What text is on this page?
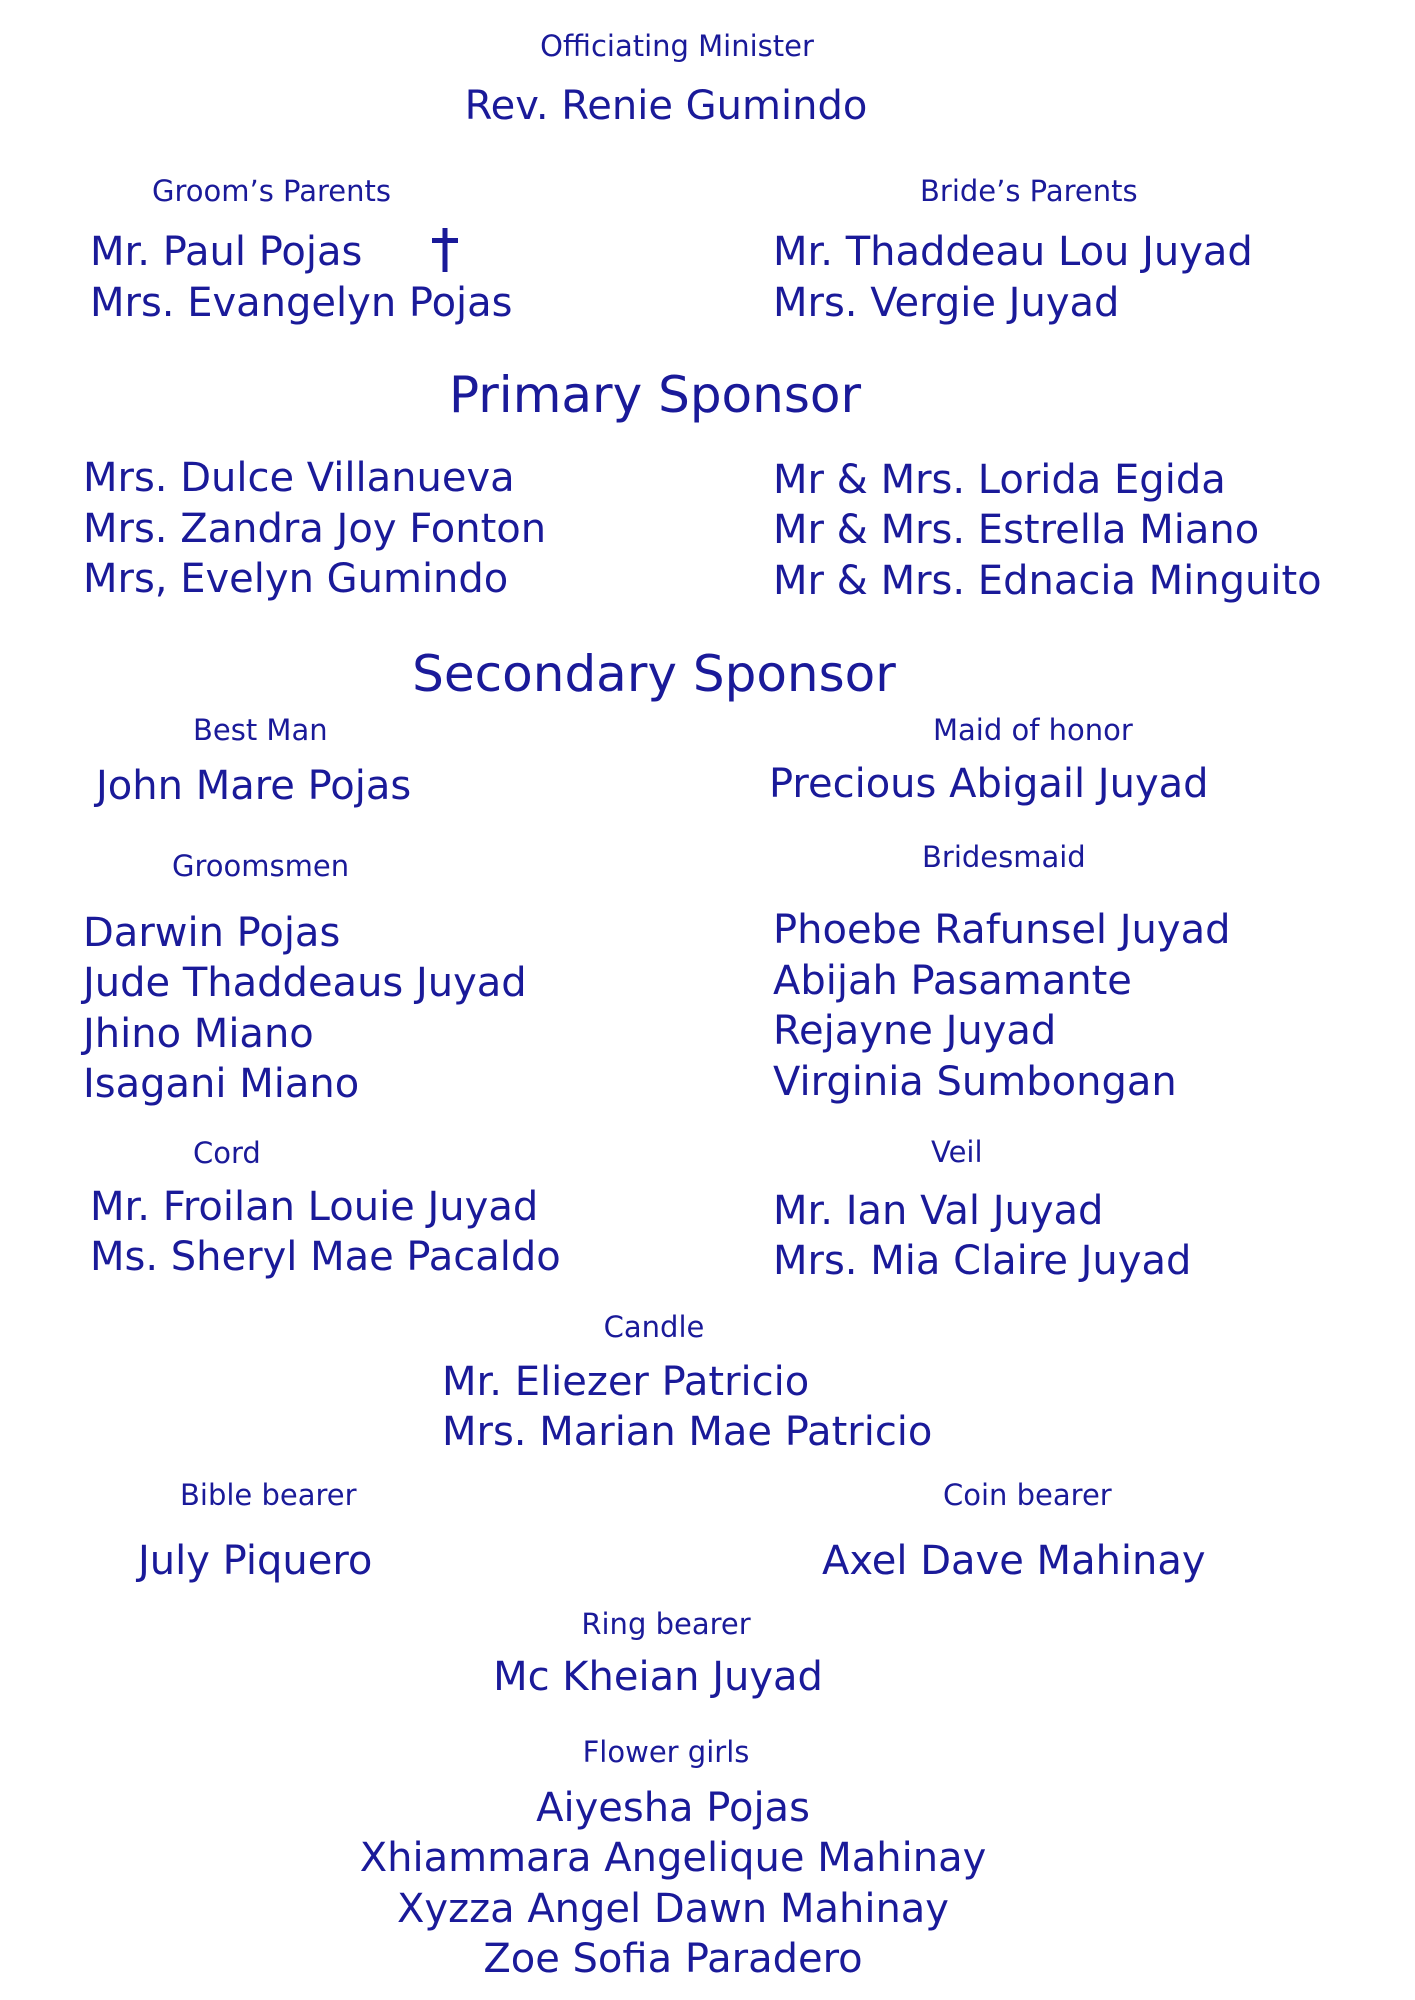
Officiating Minister
Rev. Renie Gumindo
Groom’s Parents
Mr. Paul Pojas
Mrs. Evangelyn Pojas
Bride’s Parents
Mr. Thaddeau Lou Juyad
Mrs. Vergie Juyad
Primary Sponsor
Mrs. Dulce Villanueva
Mrs. Zandra Joy Fonton
Mrs, Evelyn Gumindo
Mr & Mrs. Lorida Egida
Mr & Mrs. Estrella Miano
Mr & Mrs. Ednacia Minguito
Secondary Sponsor
Best Man
John Mare Pojas
Maid of honor
Precious Abigail Juyad
Groomsmen
Darwin Pojas
Jude Thaddeaus Juyad
Jhino Miano
Isagani Miano
Bridesmaid
Phoebe Rafunsel Juyad
Abijah Pasamante
Rejayne Juyad
Virginia Sumbongan
Cord
Mr. Froilan Louie Juyad
Ms. Sheryl Mae Pacaldo
Veil
Mr. Ian Val Juyad
Mrs. Mia Claire Juyad
Candle
Mr. Eliezer Patricio
Mrs. Marian Mae Patricio
Bible bearer
July Piquero
Coin bearer
Axel Dave Mahinay
Ring bearer
Mc Kheian Juyad
Flower girls
Aiyesha Pojas
Xhiammara Angelique Mahinay
Xyzza Angel Dawn Mahinay
Zoe Sofia Paradero
